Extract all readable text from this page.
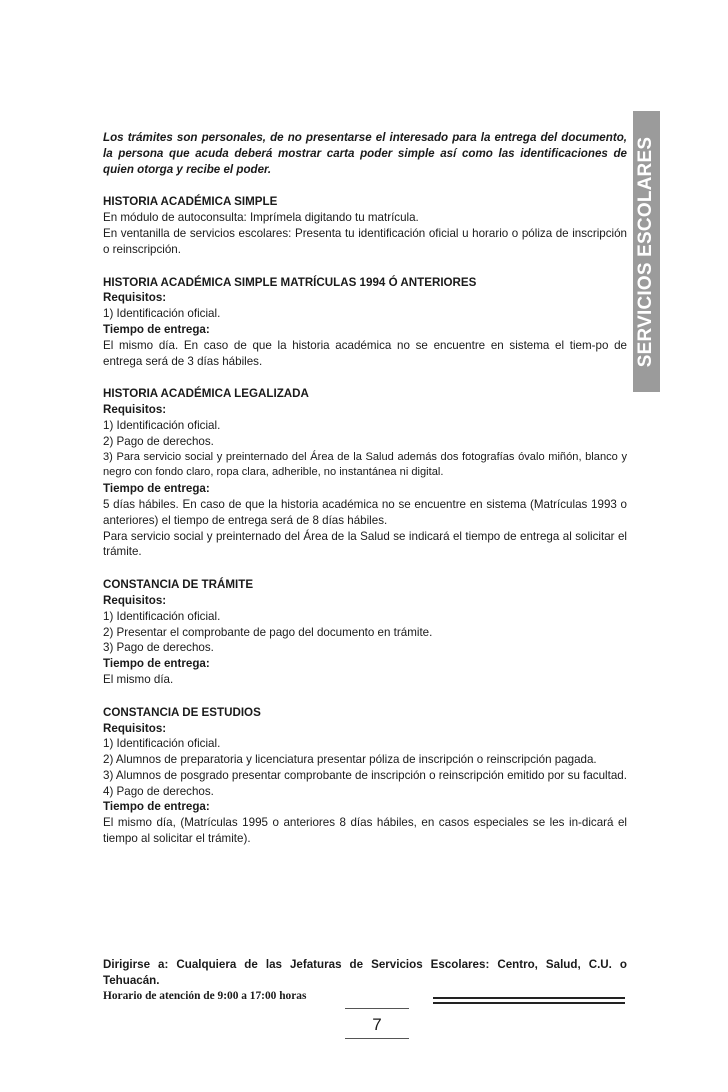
SERVICIOS ESCOLARES

Los trámites son personales, de no presentarse el interesado para la entrega del documento, la persona que acuda deberá mostrar carta poder simple así como las identificaciones de quien otorga y recibe el poder.

HISTORIA ACADÉMICA SIMPLE

En módulo de autoconsulta: Imprímela digitando tu matrícula.

En ventanilla de servicios escolares: Presenta tu identificación oficial u horario o póliza de inscripción o reinscripción.

HISTORIA ACADÉMICA SIMPLE MATRÍCULAS 1994 Ó ANTERIORES

Requisitos:

1) Identificación oficial.

Tiempo de entrega:

El mismo día. En caso de que la historia académica no se encuentre en sistema el tiem-po de entrega será de 3 días hábiles.

HISTORIA ACADÉMICA LEGALIZADA

Requisitos:

1) Identificación oficial.

2) Pago de derechos.

3) Para servicio social y preinternado del Área de la Salud además dos fotografías óvalo miñón, blanco y negro con fondo claro, ropa clara, adherible, no instantánea ni digital.

Tiempo de entrega:

5 días hábiles. En caso de que la historia académica no se encuentre en sistema (Matrículas 1993 o anteriores) el tiempo de entrega será de 8 días hábiles.

Para servicio social y preinternado del Área de la Salud se indicará el tiempo de entrega al solicitar el trámite.

CONSTANCIA DE TRÁMITE

Requisitos:

1) Identificación oficial.

2) Presentar el comprobante de pago del documento en trámite.

3) Pago de derechos.

Tiempo de entrega:

El mismo día.

CONSTANCIA DE ESTUDIOS

Requisitos:

1) Identificación oficial.

2) Alumnos de preparatoria y licenciatura presentar póliza de inscripción o reinscripción pagada.

3) Alumnos de posgrado presentar comprobante de inscripción o reinscripción emitido por su facultad.

4) Pago de derechos.

Tiempo de entrega:

El mismo día, (Matrículas 1995 o anteriores 8 días hábiles, en casos especiales se les in-dicará el tiempo al solicitar el trámite).

Dirigirse a: Cualquiera de las Jefaturas de Servicios Escolares: Centro, Salud, C.U. o Tehuacán.

Horario de atención de 9:00 a 17:00 horas

7
